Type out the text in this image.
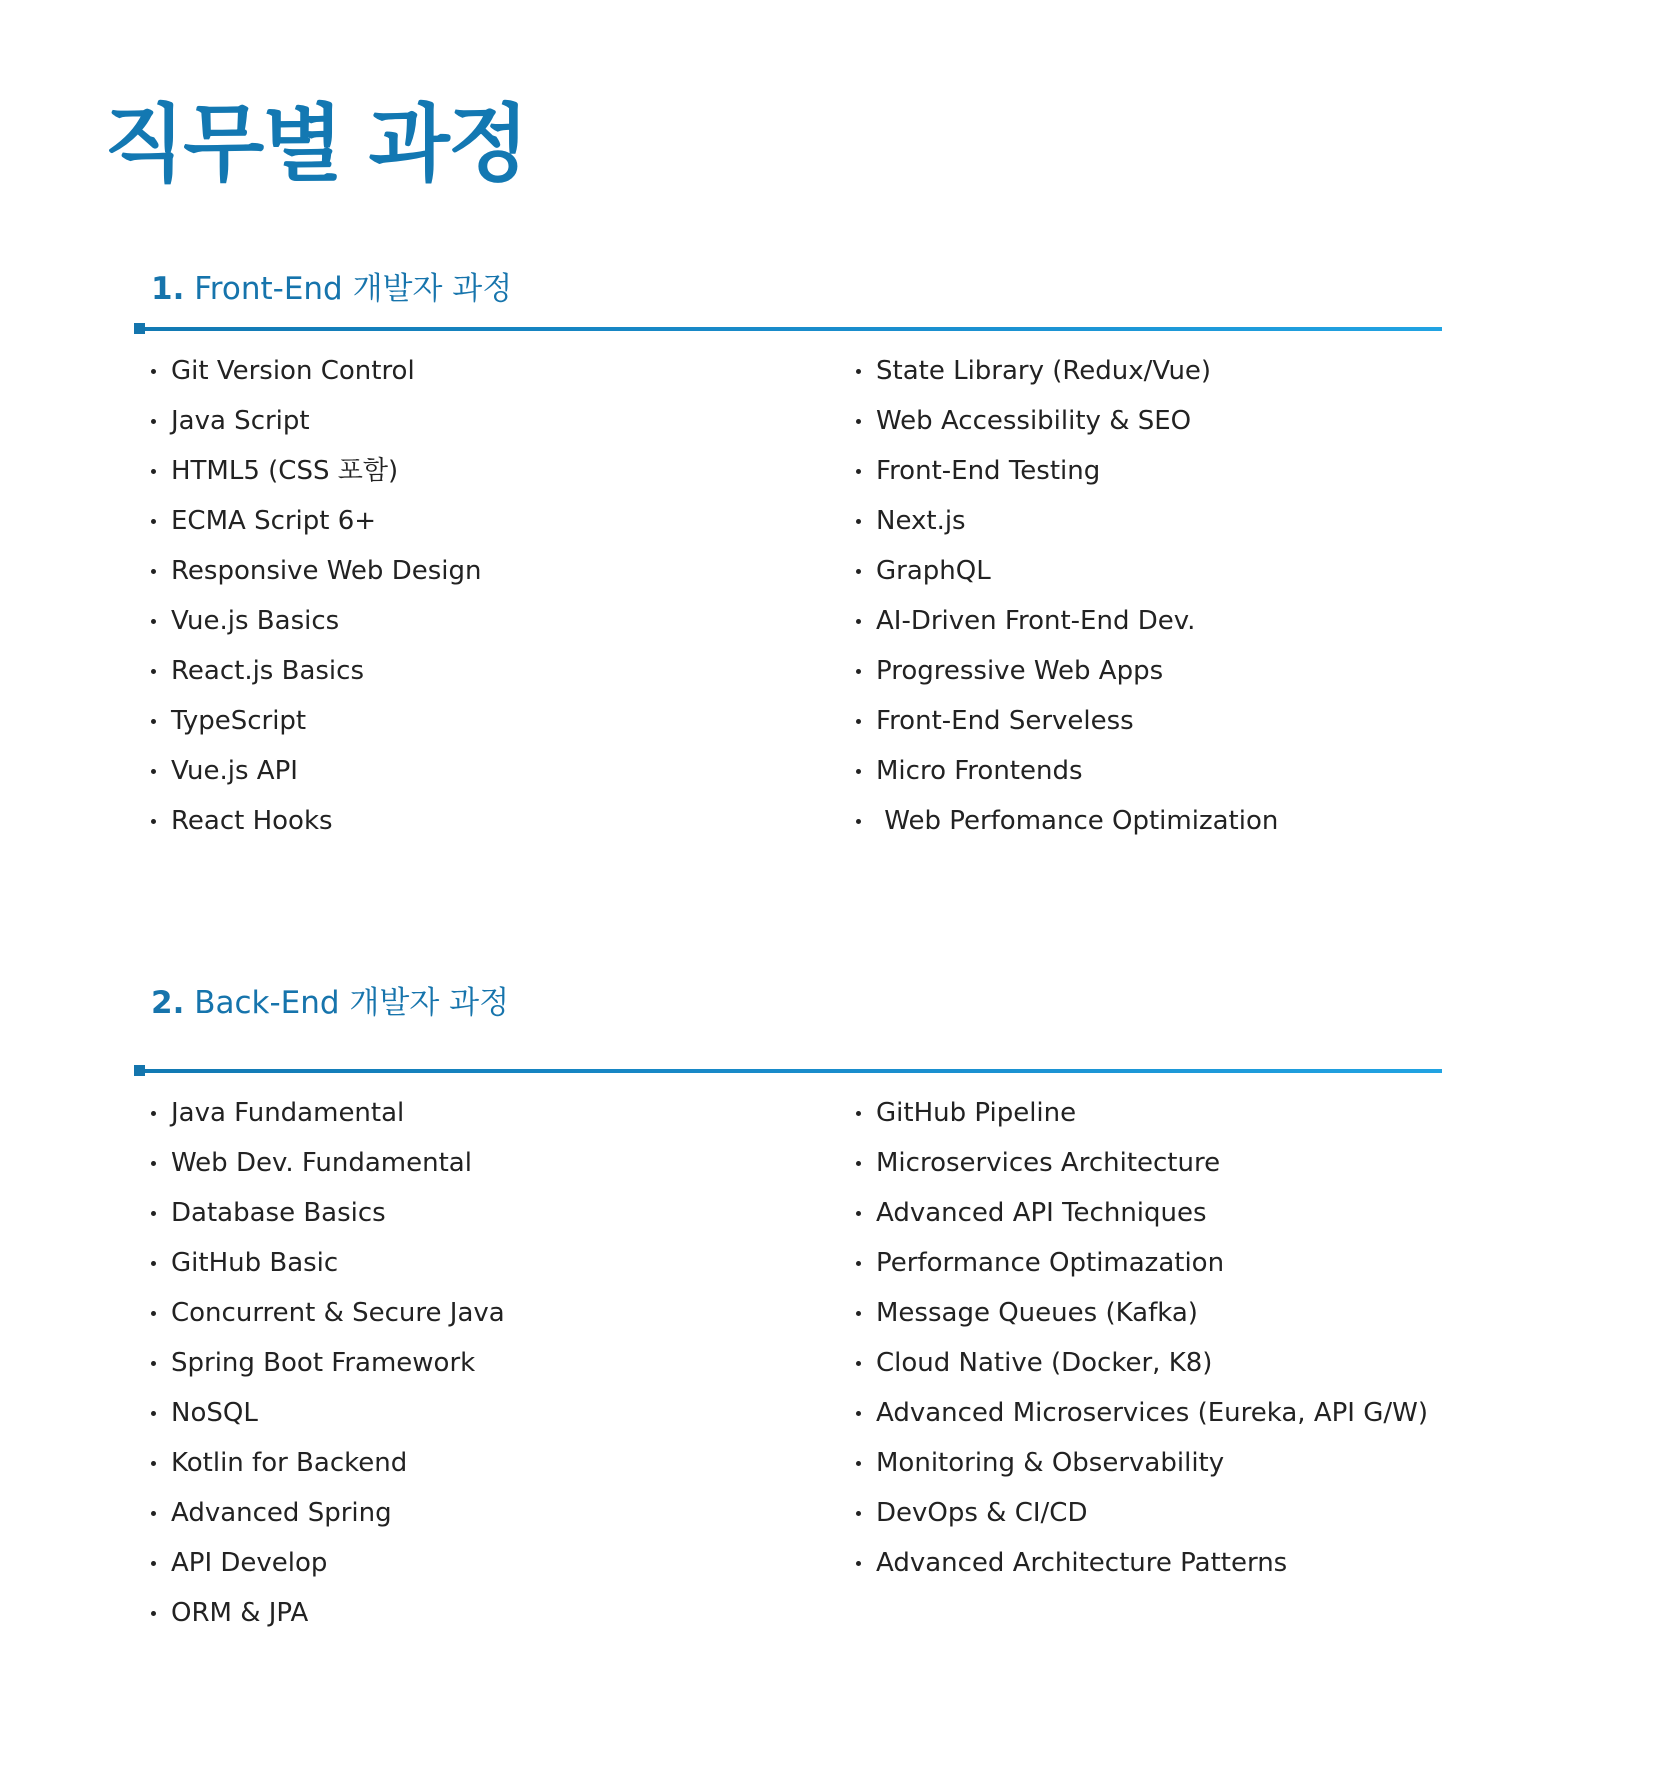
직무별 과정
1. Front-End 개발자 과정
Git Version Control
Java Script
HTML5 (CSS 포함)
ECMA Script 6+
Responsive Web Design
Vue.js Basics
React.js Basics
TypeScript
Vue.js API
React Hooks
State Library (Redux/Vue)
Web Accessibility & SEO
Front-End Testing
Next.js
GraphQL
AI-Driven Front-End Dev.
Progressive Web Apps
Front-End Serveless
Micro Frontends
Web Perfomance Optimization
2. Back-End 개발자 과정
Java Fundamental
Web Dev. Fundamental
Database Basics
GitHub Basic
Concurrent & Secure Java
Spring Boot Framework
NoSQL
Kotlin for Backend
Advanced Spring
API Develop
ORM & JPA
GitHub Pipeline
Microservices Architecture
Advanced API Techniques
Performance Optimazation
Message Queues (Kafka)
Cloud Native (Docker, K8)
Advanced Microservices (Eureka, API G/W)
Monitoring & Observability
DevOps & CI/CD
Advanced Architecture Patterns
